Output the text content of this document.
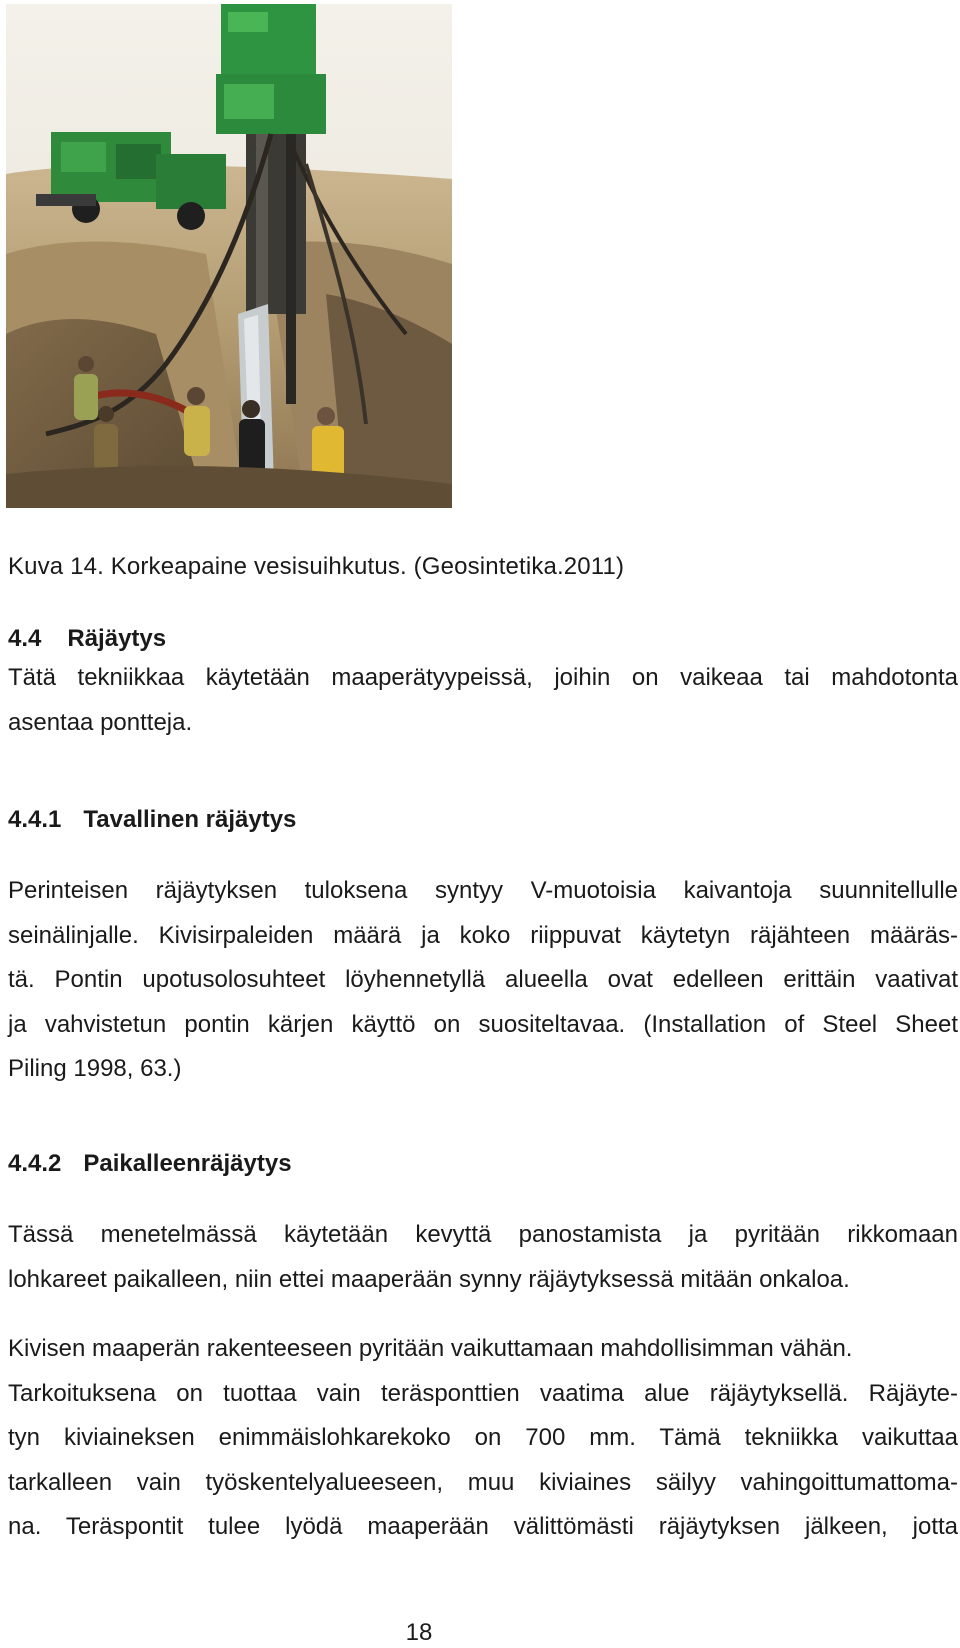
Kuva 14. Korkeapaine vesisuihkutus. (Geosintetika.2011)
4.4 Räjäytys
Tätä tekniikkaa käytetään maaperätyypeissä, joihin on vaikeaa tai mahdotonta
asentaa pontteja.
4.4.1 Tavallinen räjäytys
Perinteisen räjäytyksen tuloksena syntyy V-muotoisia kaivantoja suunnitellulle
seinälinjalle. Kivisirpaleiden määrä ja koko riippuvat käytetyn räjähteen määräs-
tä. Pontin upotusolosuhteet löyhennetyllä alueella ovat edelleen erittäin vaativat
ja vahvistetun pontin kärjen käyttö on suositeltavaa. (Installation of Steel Sheet
Piling 1998, 63.)
4.4.2 Paikalleenräjäytys
Tässä menetelmässä käytetään kevyttä panostamista ja pyritään rikkomaan
lohkareet paikalleen, niin ettei maaperään synny räjäytyksessä mitään onkaloa.
Kivisen maaperän rakenteeseen pyritään vaikuttamaan mahdollisimman vähän.
Tarkoituksena on tuottaa vain teräsponttien vaatima alue räjäytyksellä. Räjäyte-
tyn kiviaineksen enimmäislohkarekoko on 700 mm. Tämä tekniikka vaikuttaa
tarkalleen vain työskentelyalueeseen, muu kiviaines säilyy vahingoittumattoma-
na. Teräspontit tulee lyödä maaperään välittömästi räjäytyksen jälkeen, jotta
18
